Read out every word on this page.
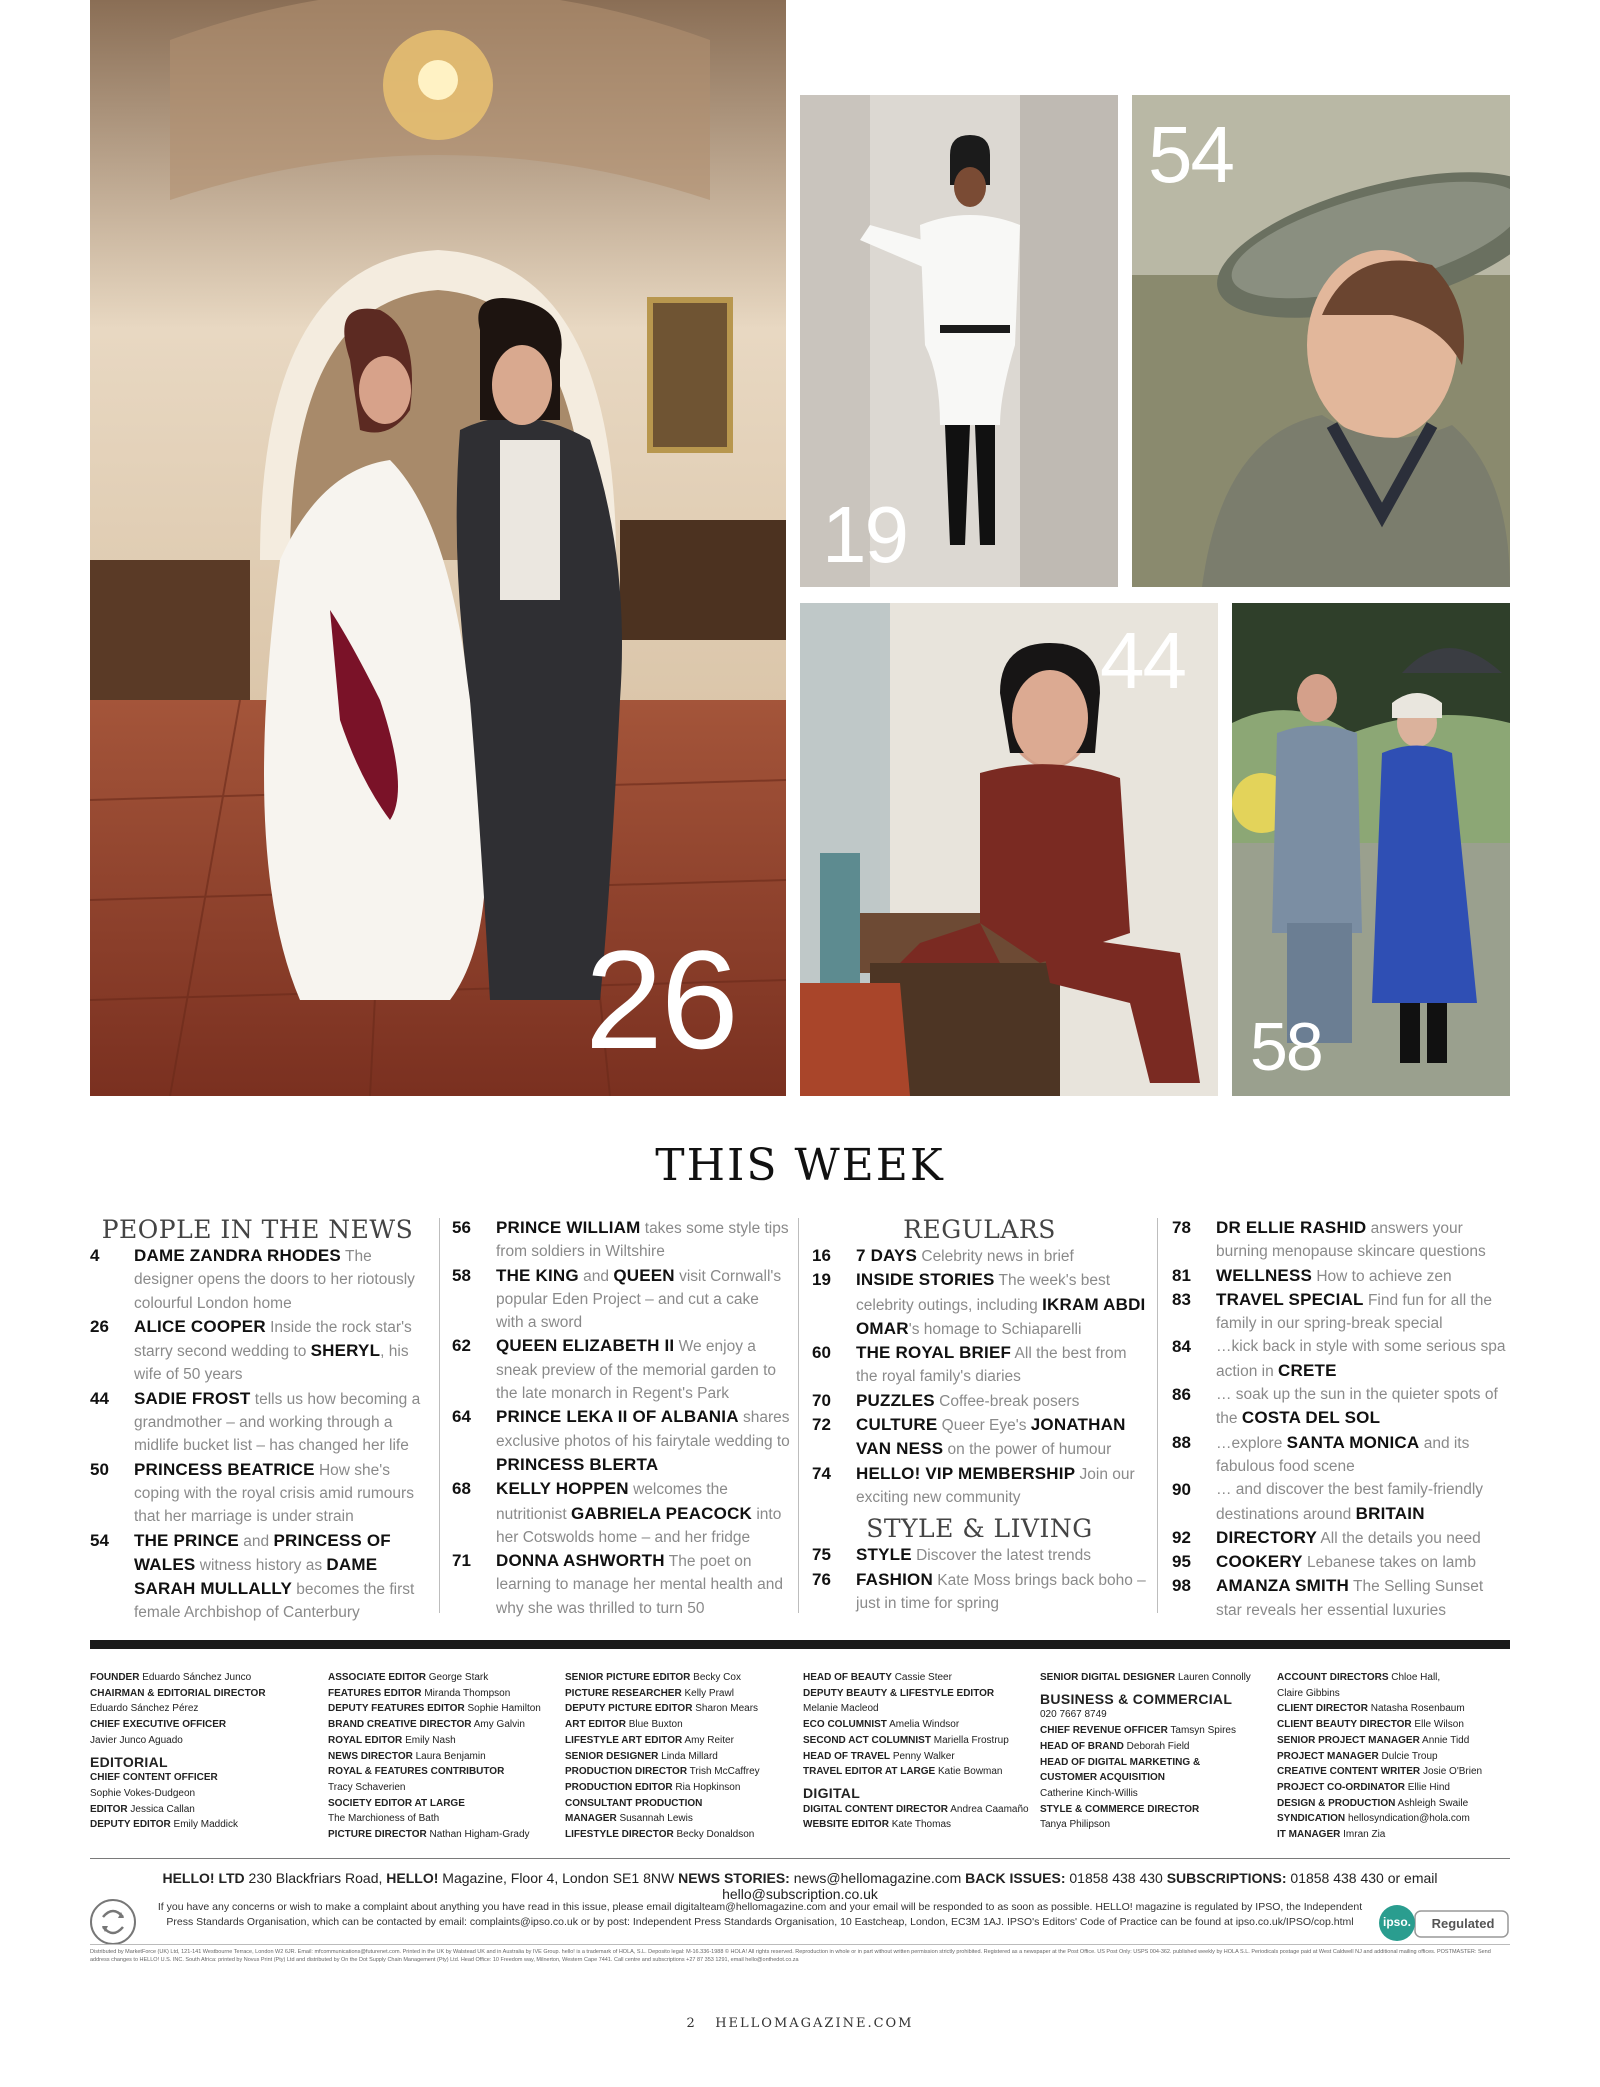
26
19
54
44
58
THIS WEEK
PEOPLE IN THE NEWS
4	DAME ZANDRA RHODES The designer opens the doors to her riotously colourful London home
26	ALICE COOPER Inside the rock star's starry second wedding to SHERYL, his wife of 50 years
44	SADIE FROST tells us how becoming a grandmother – and working through a midlife bucket list – has changed her life
50	PRINCESS BEATRICE How she's coping with the royal crisis amid rumours that her marriage is under strain
54	THE PRINCE and PRINCESS OF WALES witness history as DAME SARAH MULLALLY becomes the first female Archbishop of Canterbury
56	PRINCE WILLIAM takes some style tips from soldiers in Wiltshire
58	THE KING and QUEEN visit Cornwall's popular Eden Project – and cut a cake with a sword
62	QUEEN ELIZABETH II We enjoy a sneak preview of the memorial garden to the late monarch in Regent's Park
64	PRINCE LEKA II OF ALBANIA shares exclusive photos of his fairytale wedding to PRINCESS BLERTA
68	KELLY HOPPEN welcomes the nutritionist GABRIELA PEACOCK into her Cotswolds home – and her fridge
71	DONNA ASHWORTH The poet on learning to manage her mental health and why she was thrilled to turn 50
REGULARS
16	7 DAYS Celebrity news in brief
19	INSIDE STORIES The week's best celebrity outings, including IKRAM ABDI OMAR's homage to Schiaparelli
60	THE ROYAL BRIEF All the best from the royal family's diaries
70	PUZZLES Coffee-break posers
72	CULTURE Queer Eye's JONATHAN VAN NESS on the power of humour
74	HELLO! VIP MEMBERSHIP Join our exciting new community
STYLE & LIVING
75	STYLE Discover the latest trends
76	FASHION Kate Moss brings back boho – just in time for spring
78	DR ELLIE RASHID answers your burning menopause skincare questions
81	WELLNESS How to achieve zen
83	TRAVEL SPECIAL Find fun for all the family in our spring-break special
84	…kick back in style with some serious spa action in CRETE
86	… soak up the sun in the quieter spots of the COSTA DEL SOL
88	…explore SANTA MONICA and its fabulous food scene
90	… and discover the best family-friendly destinations around BRITAIN
92	DIRECTORY All the details you need
95	COOKERY Lebanese takes on lamb
98	AMANZA SMITH The Selling Sunset star reveals her essential luxuries
FOUNDER Eduardo Sánchez Junco
CHAIRMAN & EDITORIAL DIRECTOR
Eduardo Sánchez Pérez
CHIEF EXECUTIVE OFFICER
Javier Junco Aguado
EDITORIAL
CHIEF CONTENT OFFICER
Sophie Vokes-Dudgeon
EDITOR Jessica Callan
DEPUTY EDITOR Emily Maddick
ASSOCIATE EDITOR George Stark
FEATURES EDITOR Miranda Thompson
DEPUTY FEATURES EDITOR Sophie Hamilton
BRAND CREATIVE DIRECTOR Amy Galvin
ROYAL EDITOR Emily Nash
NEWS DIRECTOR Laura Benjamin
ROYAL & FEATURES CONTRIBUTOR
Tracy Schaverien
SOCIETY EDITOR AT LARGE
The Marchioness of Bath
PICTURE DIRECTOR Nathan Higham-Grady
SENIOR PICTURE EDITOR Becky Cox
PICTURE RESEARCHER Kelly Prawl
DEPUTY PICTURE EDITOR Sharon Mears
ART EDITOR Blue Buxton
LIFESTYLE ART EDITOR Amy Reiter
SENIOR DESIGNER Linda Millard
PRODUCTION DIRECTOR Trish McCaffrey
PRODUCTION EDITOR Ria Hopkinson
CONSULTANT PRODUCTION
MANAGER Susannah Lewis
LIFESTYLE DIRECTOR Becky Donaldson
HEAD OF BEAUTY Cassie Steer
DEPUTY BEAUTY & LIFESTYLE EDITOR
Melanie Macleod
ECO COLUMNIST Amelia Windsor
SECOND ACT COLUMNIST Mariella Frostrup
HEAD OF TRAVEL Penny Walker
TRAVEL EDITOR AT LARGE Katie Bowman
DIGITAL
DIGITAL CONTENT DIRECTOR Andrea Caamaño
WEBSITE EDITOR Kate Thomas
SENIOR DIGITAL DESIGNER Lauren Connolly
BUSINESS & COMMERCIAL
020 7667 8749
CHIEF REVENUE OFFICER Tamsyn Spires
HEAD OF BRAND Deborah Field
HEAD OF DIGITAL MARKETING &
CUSTOMER ACQUISITION
Catherine Kinch-Willis
STYLE & COMMERCE DIRECTOR
Tanya Philipson
ACCOUNT DIRECTORS Chloe Hall,
Claire Gibbins
CLIENT DIRECTOR Natasha Rosenbaum
CLIENT BEAUTY DIRECTOR Elle Wilson
SENIOR PROJECT MANAGER Annie Tidd
PROJECT MANAGER Dulcie Troup
CREATIVE CONTENT WRITER Josie O'Brien
PROJECT CO-ORDINATOR Ellie Hind
DESIGN & PRODUCTION Ashleigh Swaile
SYNDICATION hellosyndication@hola.com
IT MANAGER Imran Zia
HELLO! LTD 230 Blackfriars Road, HELLO! Magazine, Floor 4, London SE1 8NW NEWS STORIES: news@hellomagazine.com BACK ISSUES: 01858 438 430 SUBSCRIPTIONS: 01858 438 430 or email hello@subscription.co.uk
If you have any concerns or wish to make a complaint about anything you have read in this issue, please email digitalteam@hellomagazine.com and your email will be responded to as soon as possible. HELLO! magazine is regulated by IPSO, the Independent Press Standards Organisation, which can be contacted by email: complaints@ipso.co.uk or by post: Independent Press Standards Organisation, 10 Eastcheap, London, EC3M 1AJ. IPSO's Editors' Code of Practice can be found at ipso.co.uk/IPSO/cop.html	ipso.	Regulated
Distributed by MarketForce (UK) Ltd, 121-141 Westbourne Terrace, London W2 6JR. Email: mfcommunications@futurenet.com. Printed in the UK by Walstead UK and in Australia by IVE Group. hello! is a trademark of HOLA, S.L. Deposito legal: M-16.336-1988 © HOLA! All rights reserved. Reproduction in whole or in part without written permission strictly prohibited. Registered as a newspaper at the Post Office. US Post Only: USPS 004-362. published weekly by HOLA S.L. Periodicals postage paid at West Caldwell NJ and additional mailing offices. POSTMASTER: Send address changes to HELLO! U.S. INC. South Africa: printed by Novus Print (Pty) Ltd and distributed by On the Dot Supply Chain Management (Pty) Ltd. Head Office: 10 Freedom way, Milnerton, Western Cape 7441. Call centre and subscriptions +27 87 353 1291, email hello@onthedot.co.za
2 HELLOMAGAZINE.COM
